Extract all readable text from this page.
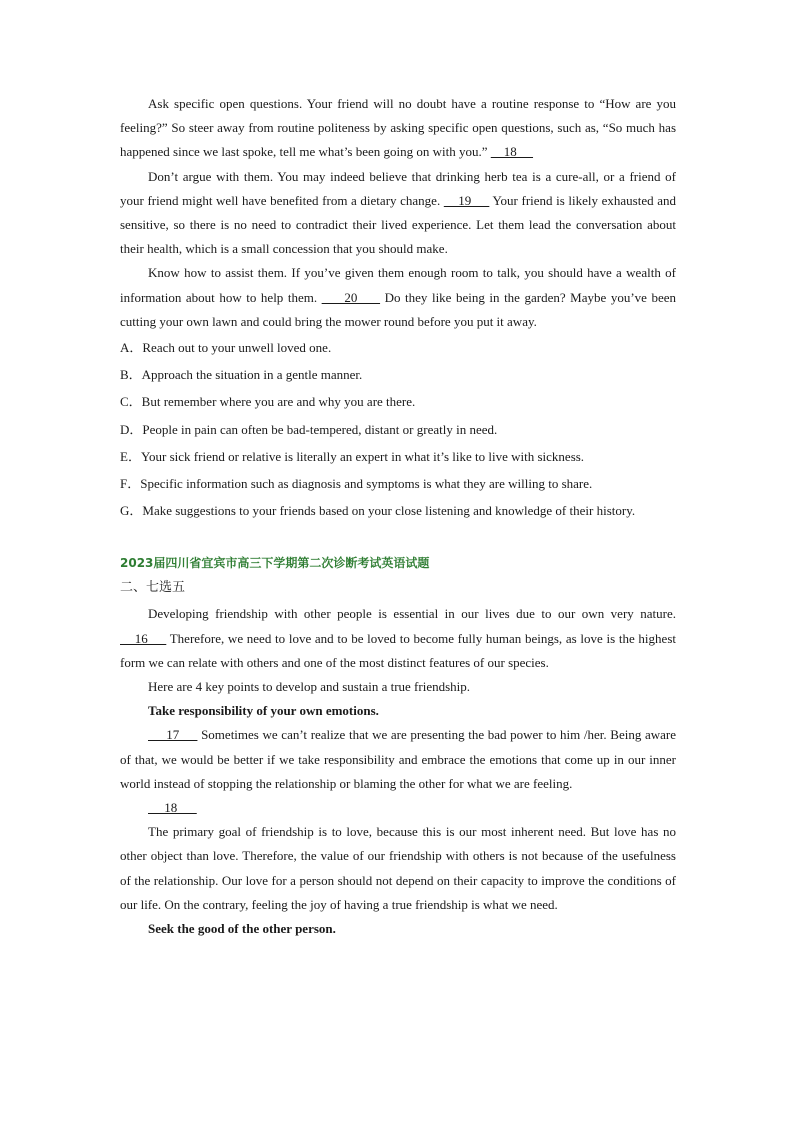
Ask specific open questions. Your friend will no doubt have a routine response to “How are you feeling?” So steer away from routine politeness by asking specific open questions, such as, “So much has happened since we last spoke, tell me what’s been going on with you.”     18

Don’t argue with them. You may indeed believe that drinking herb tea is a cure-all, or a friend of your friend might well have benefited from a dietary change.     19      Your friend is likely exhausted and sensitive, so there is no need to contradict their lived experience. Let them lead the conversation about their health, which is a small concession that you should make.

Know how to assist them. If you’ve given them enough room to talk, you should have a wealth of information about how to help them.      20      Do they like being in the garden? Maybe you’ve been cutting your own lawn and could bring the mower round before you put it away.

A．Reach out to your unwell loved one.

B．Approach the situation in a gentle manner.

C．But remember where you are and why you are there.

D．People in pain can often be bad-tempered, distant or greatly in need.

E．Your sick friend or relative is literally an expert in what it’s like to live with sickness.

F．Specific information such as diagnosis and symptoms is what they are willing to share.

G．Make suggestions to your friends based on your close listening and knowledge of their history.

2023届四川省宜宾市高三下学期第二次诊断考试英语试题

二、七选五

Developing friendship with other people is essential in our lives due to our own very nature.     16      Therefore, we need to love and to be loved to become fully human beings, as love is the highest form we can relate with others and one of the most distinct features of our species.

Here are 4 key points to develop and sustain a true friendship.

Take responsibility of your own emotions.

17      Sometimes we can’t realize that we are presenting the bad power to him /her. Being aware of that, we would be better if we take responsibility and embrace the emotions that come up in our inner world instead of stopping the relationship or blaming the other for what we are feeling.

18

The primary goal of friendship is to love, because this is our most inherent need. But love has no other object than love. Therefore, the value of our friendship with others is not because of the usefulness of the relationship. Our love for a person should not depend on their capacity to improve the conditions of our life. On the contrary, feeling the joy of having a true friendship is what we need.

Seek the good of the other person.
